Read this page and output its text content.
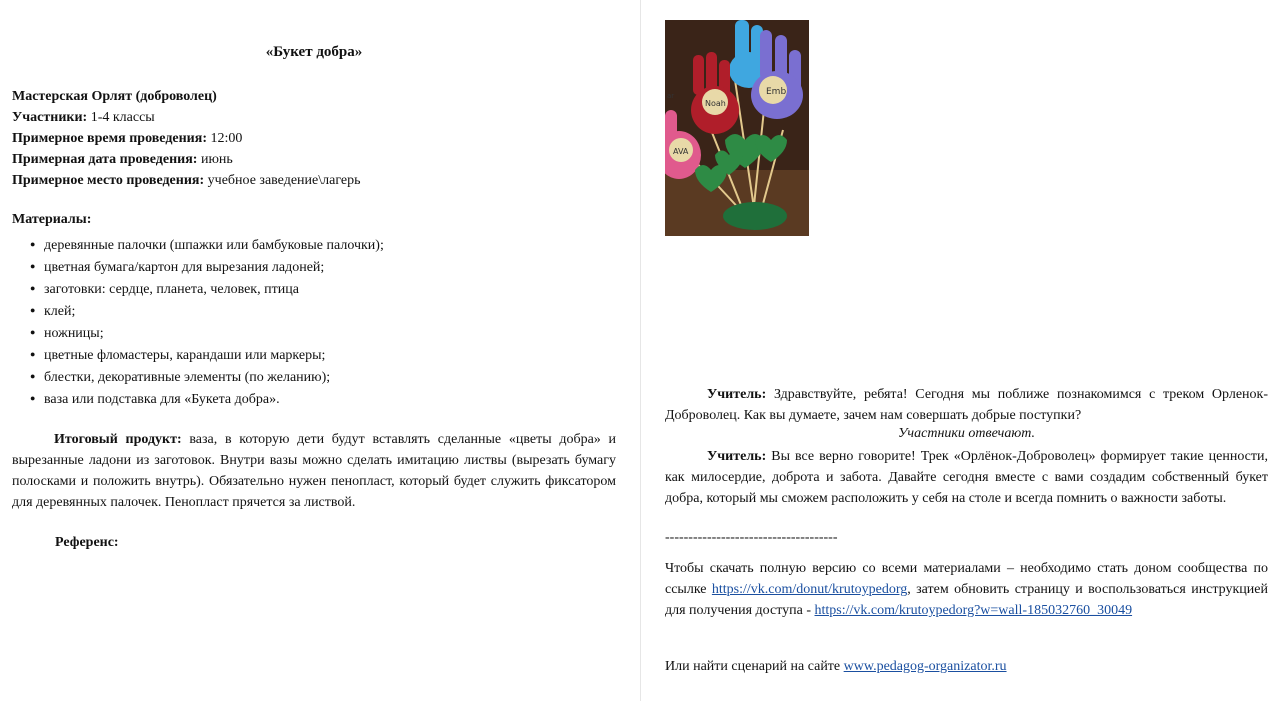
«Букет добра»
Мастерская Орлят (доброволец)
Участники: 1-4 классы
Примерное время проведения: 12:00
Примерная дата проведения: июнь
Примерное место проведения: учебное заведение\лагерь
Материалы:
● деревянные палочки (шпажки или бамбуковые палочки);
● цветная бумага/картон для вырезания ладоней;
● заготовки: сердце, планета, человек, птица
● клей;
● ножницы;
● цветные фломастеры, карандаши или маркеры;
● блестки, декоративные элементы (по желанию);
● ваза или подставка для «Букета добра».
Итоговый продукт: ваза, в которую дети будут вставлять сделанные «цветы добра» и вырезанные ладони из заготовок. Внутри вазы можно сделать имитацию листвы (вырезать бумагу полосками и положить внутрь). Обязательно нужен пенопласт, который будет служить фиксатором для деревянных палочек. Пенопласт прячется за листвой.
Референс:
Emb
Noah
AVA
ar
Учитель: Здравствуйте, ребята! Сегодня мы поближе познакомимся с треком Орленок-Доброволец. Как вы думаете, зачем нам совершать добрые поступки?
Участники отвечают.
Учитель: Вы все верно говорите! Трек «Орлёнок-Доброволец» формирует такие ценности, как милосердие, доброта и забота. Давайте сегодня вместе с вами создадим собственный букет добра, который мы сможем расположить у себя на столе и всегда помнить о важности заботы.
-------------------------------------
Чтобы скачать полную версию со всеми материалами – необходимо стать доном сообщества по ссылке https://vk.com/donut/krutoypedorg, затем обновить страницу и воспользоваться инструкцией для получения доступа - https://vk.com/krutoypedorg?w=wall-185032760_30049
Или найти сценарий на сайте www.pedagog-organizator.ru
